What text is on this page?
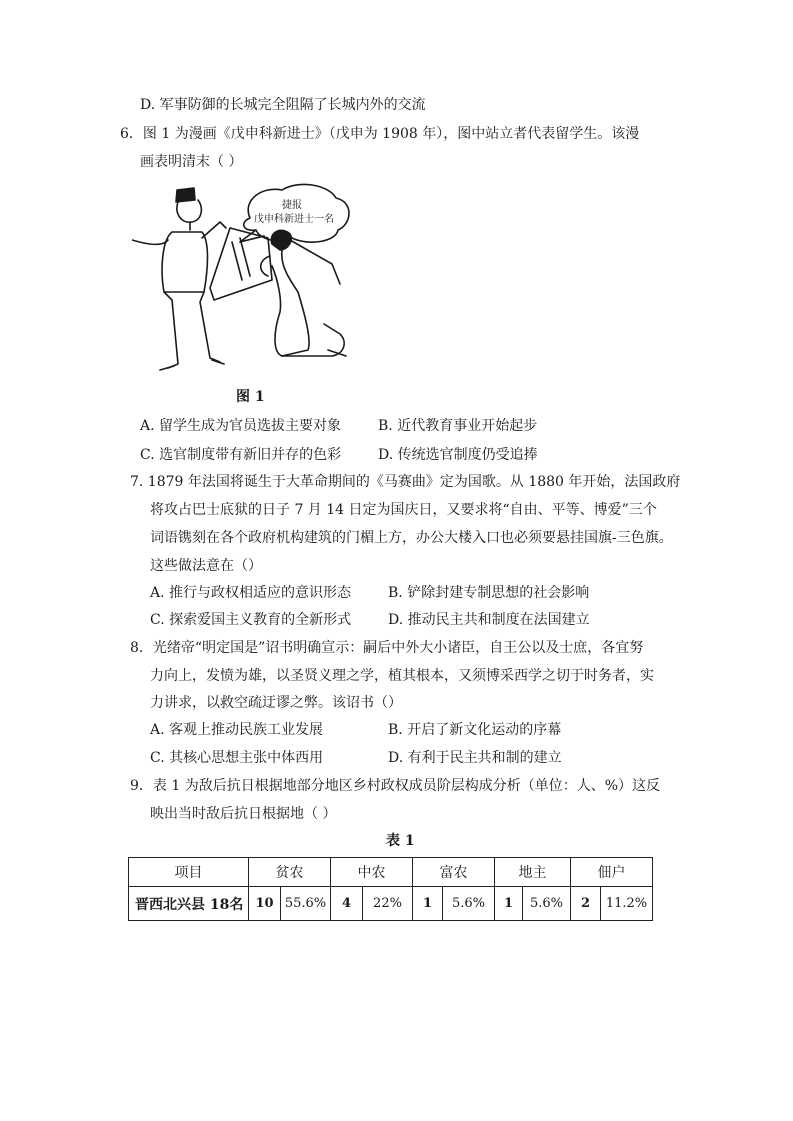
D. 军事防御的长城完全阻隔了长城内外的交流
6．图 1 为漫画《戊申科新进士》（戊申为 1908 年），图中站立者代表留学生。该漫
画表明清末（ ）
捷报
戊申科新进士一名
图 1
A. 留学生成为官员选拔主要对象	B. 近代教育事业开始起步
C. 选官制度带有新旧并存的色彩	D. 传统选官制度仍受追捧
7. 1879 年法国将诞生于大革命期间的《马赛曲》定为国歌。从 1880 年开始，法国政府
将攻占巴士底狱的日子 7 月 14 日定为国庆日，又要求将“自由、平等、博爱”三个
词语镌刻在各个政府机构建筑的门楣上方，办公大楼入口也必须要悬挂国旗-三色旗。
这些做法意在（）
A. 推行与政权相适应的意识形态	B. 铲除封建专制思想的社会影响
C. 探索爱国主义教育的全新形式	D. 推动民主共和制度在法国建立
8．光绪帝“明定国是”诏书明确宣示：嗣后中外大小诸臣，自王公以及士庶，各宜努
力向上，发愤为雄，以圣贤义理之学，植其根本，又须博采西学之切于时务者，实
力讲求，以救空疏迂谬之弊。该诏书（）
A. 客观上推动民族工业发展	B. 开启了新文化运动的序幕
C. 其核心思想主张中体西用	D. 有利于民主共和制的建立
9．表 1 为敌后抗日根据地部分地区乡村政权成员阶层构成分析（单位：人、%）这反
映出当时敌后抗日根据地（ ）
表 1
项目	贫农		中农		富农		地主		佃户	
晋西北兴县 18名	10	55.6%	4	22%	1	5.6%	1	5.6%	2	11.2%
